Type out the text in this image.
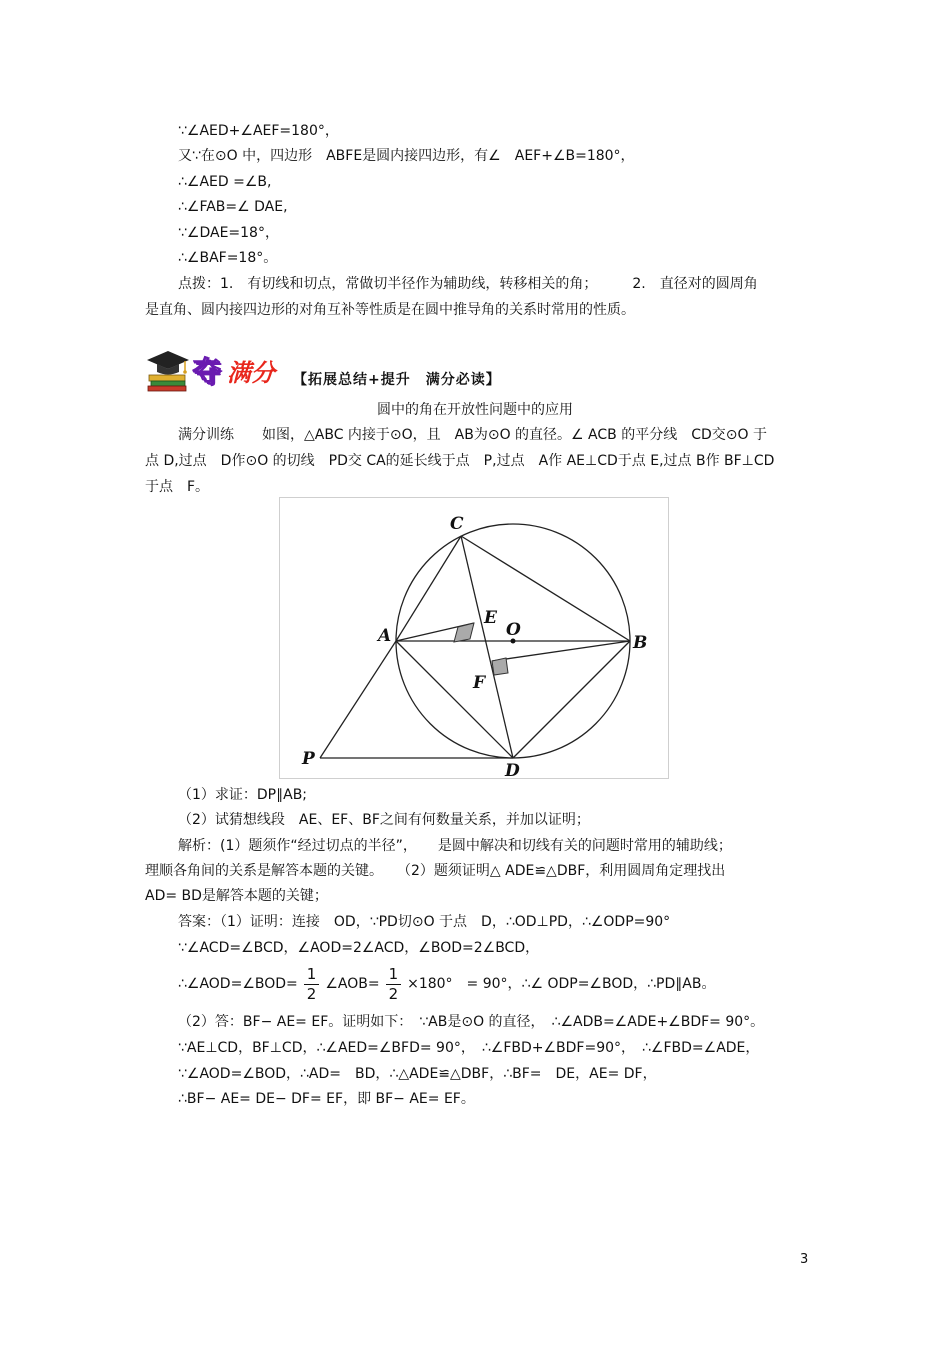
∵∠AED+∠AEF=180°，
又∵在⊙O 中，四边形　ABFE是圆内接四边形，有∠　AEF+∠B=180°，
∴∠AED =∠B,
∴∠FAB=∠ DAE,
∵∠DAE=18°，
∴∠BAF=18°。
点拨：1.　有切线和切点，常做切半径作为辅助线，转移相关的角；　　　2.　直径对的圆周角
是直角、圆内接四边形的对角互补等性质是在圆中推导角的关系时常用的性质。
夺 满分 【拓展总结+提升　满分必读】
圆中的角在开放性问题中的应用
满分训练　　如图，△ABC 内接于⊙O，且　AB为⊙O 的直径。∠ ACB 的平分线　CD交⊙O 于
点 D,过点　D作⊙O 的切线　PD交 CA的延长线于点　P,过点　A作 AE⊥CD于点 E,过点 B作 BF⊥CD
于点　F。
C
A	B
E
O
F
P
D
（1）求证：DP∥AB;
（2）试猜想线段　AE、EF、BF之间有何数量关系，并加以证明；
解析：(1）题须作“经过切点的半径”，　　是圆中解决和切线有关的问题时常用的辅助线；
理顺各角间的关系是解答本题的关键。　　（2）题须证明△ ADE≌△DBF，利用圆周角定理找出
AD= BD是解答本题的关键；
答案：（1）证明：连接　OD，∵PD切⊙O 于点　D，∴OD⊥PD，∴∠ODP=90°
∵∠ACD=∠BCD，∠AOD=2∠ACD，∠BOD=2∠BCD，
∴∠AOD=∠BOD= $\frac{1}{2}$ ∠AOB= $\frac{1}{2} \times 180^\circ$　= 90°，∴∠ ODP=∠BOD，∴PD∥AB。
（2）答：BF− AE= EF。证明如下：　∵AB是⊙O 的直径，　∴∠ADB=∠ADE+∠BDF= 90°。
∵AE⊥CD，BF⊥CD，∴∠AED=∠BFD= 90°，　∴∠FBD+∠BDF=90°，　∴∠FBD=∠ADE，
∵∠AOD=∠BOD，∴AD=　BD，∴△ADE≌△DBF，∴BF=　DE，AE= DF，
∴BF− AE= DE− DF= EF，即 BF− AE= EF。
3
